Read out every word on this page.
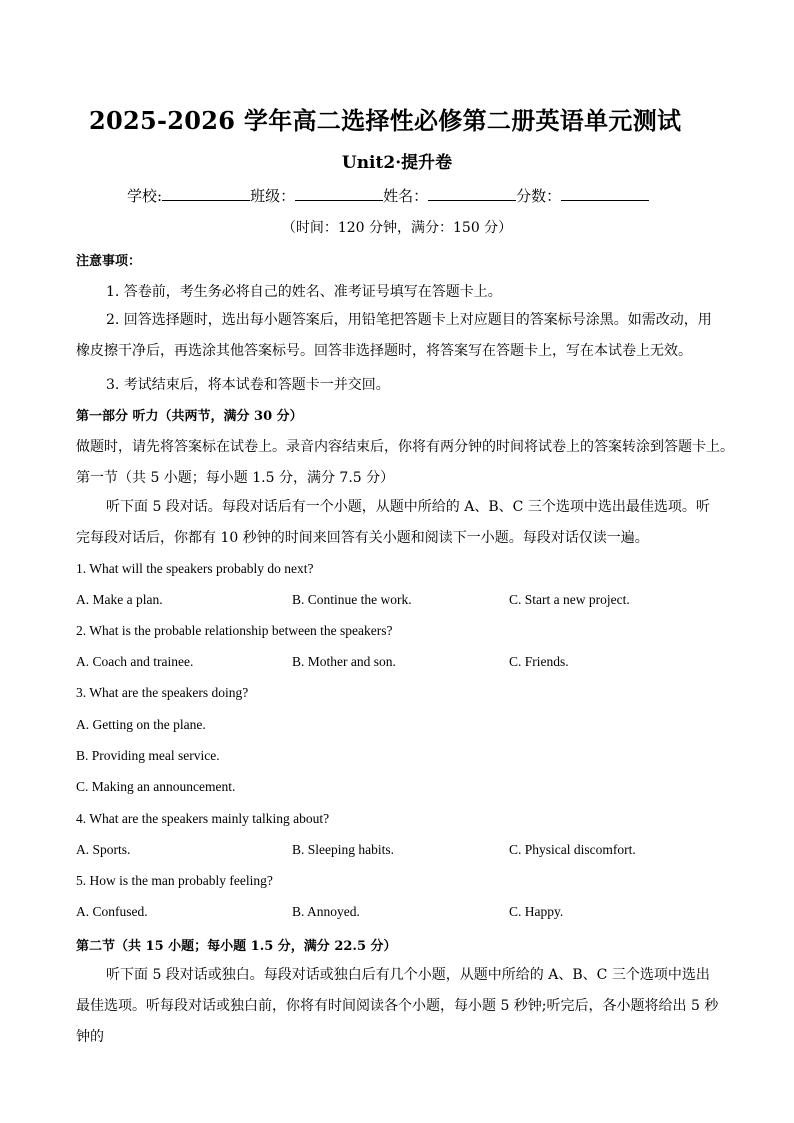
2025-2026 学年高二选择性必修第二册英语单元测试
Unit2·提升卷
学校:	班级：	姓名：	分数：
（时间：120 分钟，满分：150 分）
注意事项：
1. 答卷前，考生务必将自己的姓名、准考证号填写在答题卡上。
2. 回答选择题时，选出每小题答案后，用铅笔把答题卡上对应题目的答案标号涂黑。如需改动，用橡皮擦干净后，再选涂其他答案标号。回答非选择题时，将答案写在答题卡上，写在本试卷上无效。
3. 考试结束后，将本试卷和答题卡一并交回。
第一部分 听力（共两节，满分 30 分）
做题时，请先将答案标在试卷上。录音内容结束后，你将有两分钟的时间将试卷上的答案转涂到答题卡上。
第一节（共 5 小题；每小题 1.5 分，满分 7.5 分）
听下面 5 段对话。每段对话后有一个小题，从题中所给的 A、B、C 三个选项中选出最佳选项。听完每段对话后，你都有 10 秒钟的时间来回答有关小题和阅读下一小题。每段对话仅读一遍。
1. What will the speakers probably do next?
A. Make a plan.	B. Continue the work.	C. Start a new project.
2. What is the probable relationship between the speakers?
A. Coach and trainee.	B. Mother and son.	C. Friends.
3. What are the speakers doing?
A. Getting on the plane.
B. Providing meal service.
C. Making an announcement.
4. What are the speakers mainly talking about?
A. Sports.	B. Sleeping habits.	C. Physical discomfort.
5. How is the man probably feeling?
A. Confused.	B. Annoyed.	C. Happy.
第二节（共 15 小题；每小题 1.5 分，满分 22.5 分）
听下面 5 段对话或独白。每段对话或独白后有几个小题，从题中所给的 A、B、C 三个选项中选出最佳选项。听每段对话或独白前，你将有时间阅读各个小题，每小题 5 秒钟;听完后，各小题将给出 5 秒钟的
